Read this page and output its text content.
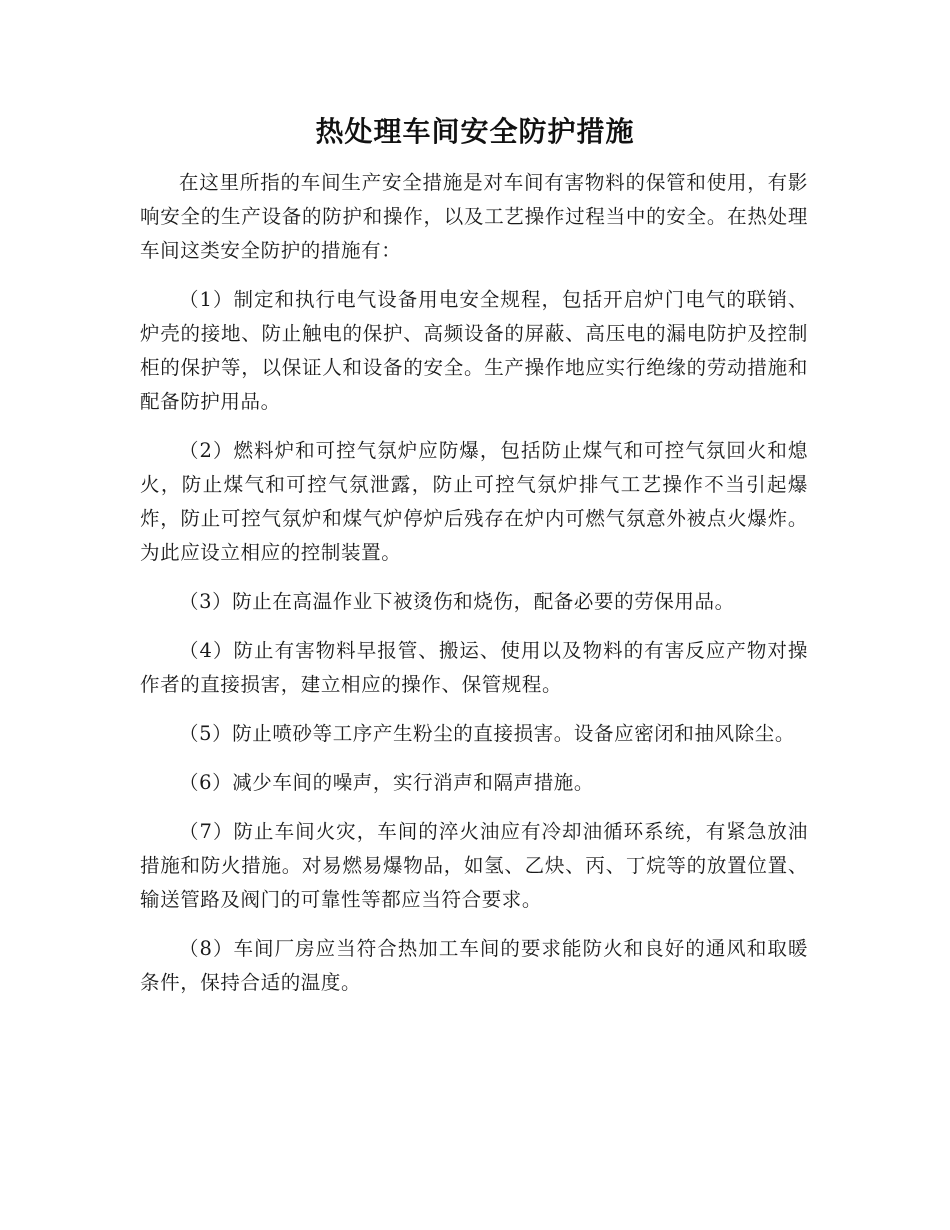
热处理车间安全防护措施

在这里所指的车间生产安全措施是对车间有害物料的保管和使用，有影响安全的生产设备的防护和操作，以及工艺操作过程当中的安全。在热处理车间这类安全防护的措施有：

（1）制定和执行电气设备用电安全规程，包括开启炉门电气的联销、炉壳的接地、防止触电的保护、高频设备的屏蔽、高压电的漏电防护及控制柜的保护等，以保证人和设备的安全。生产操作地应实行绝缘的劳动措施和配备防护用品。

（2）燃料炉和可控气氛炉应防爆，包括防止煤气和可控气氛回火和熄火，防止煤气和可控气氛泄露，防止可控气氛炉排气工艺操作不当引起爆炸，防止可控气氛炉和煤气炉停炉后残存在炉内可燃气氛意外被点火爆炸。为此应设立相应的控制装置。

（3）防止在高温作业下被烫伤和烧伤，配备必要的劳保用品。

（4）防止有害物料早报管、搬运、使用以及物料的有害反应产物对操作者的直接损害，建立相应的操作、保管规程。

（5）防止喷砂等工序产生粉尘的直接损害。设备应密闭和抽风除尘。

（6）减少车间的噪声，实行消声和隔声措施。

（7）防止车间火灾，车间的淬火油应有冷却油循环系统，有紧急放油措施和防火措施。对易燃易爆物品，如氢、乙炔、丙、丁烷等的放置位置、输送管路及阀门的可靠性等都应当符合要求。

（8）车间厂房应当符合热加工车间的要求能防火和良好的通风和取暖条件，保持合适的温度。
